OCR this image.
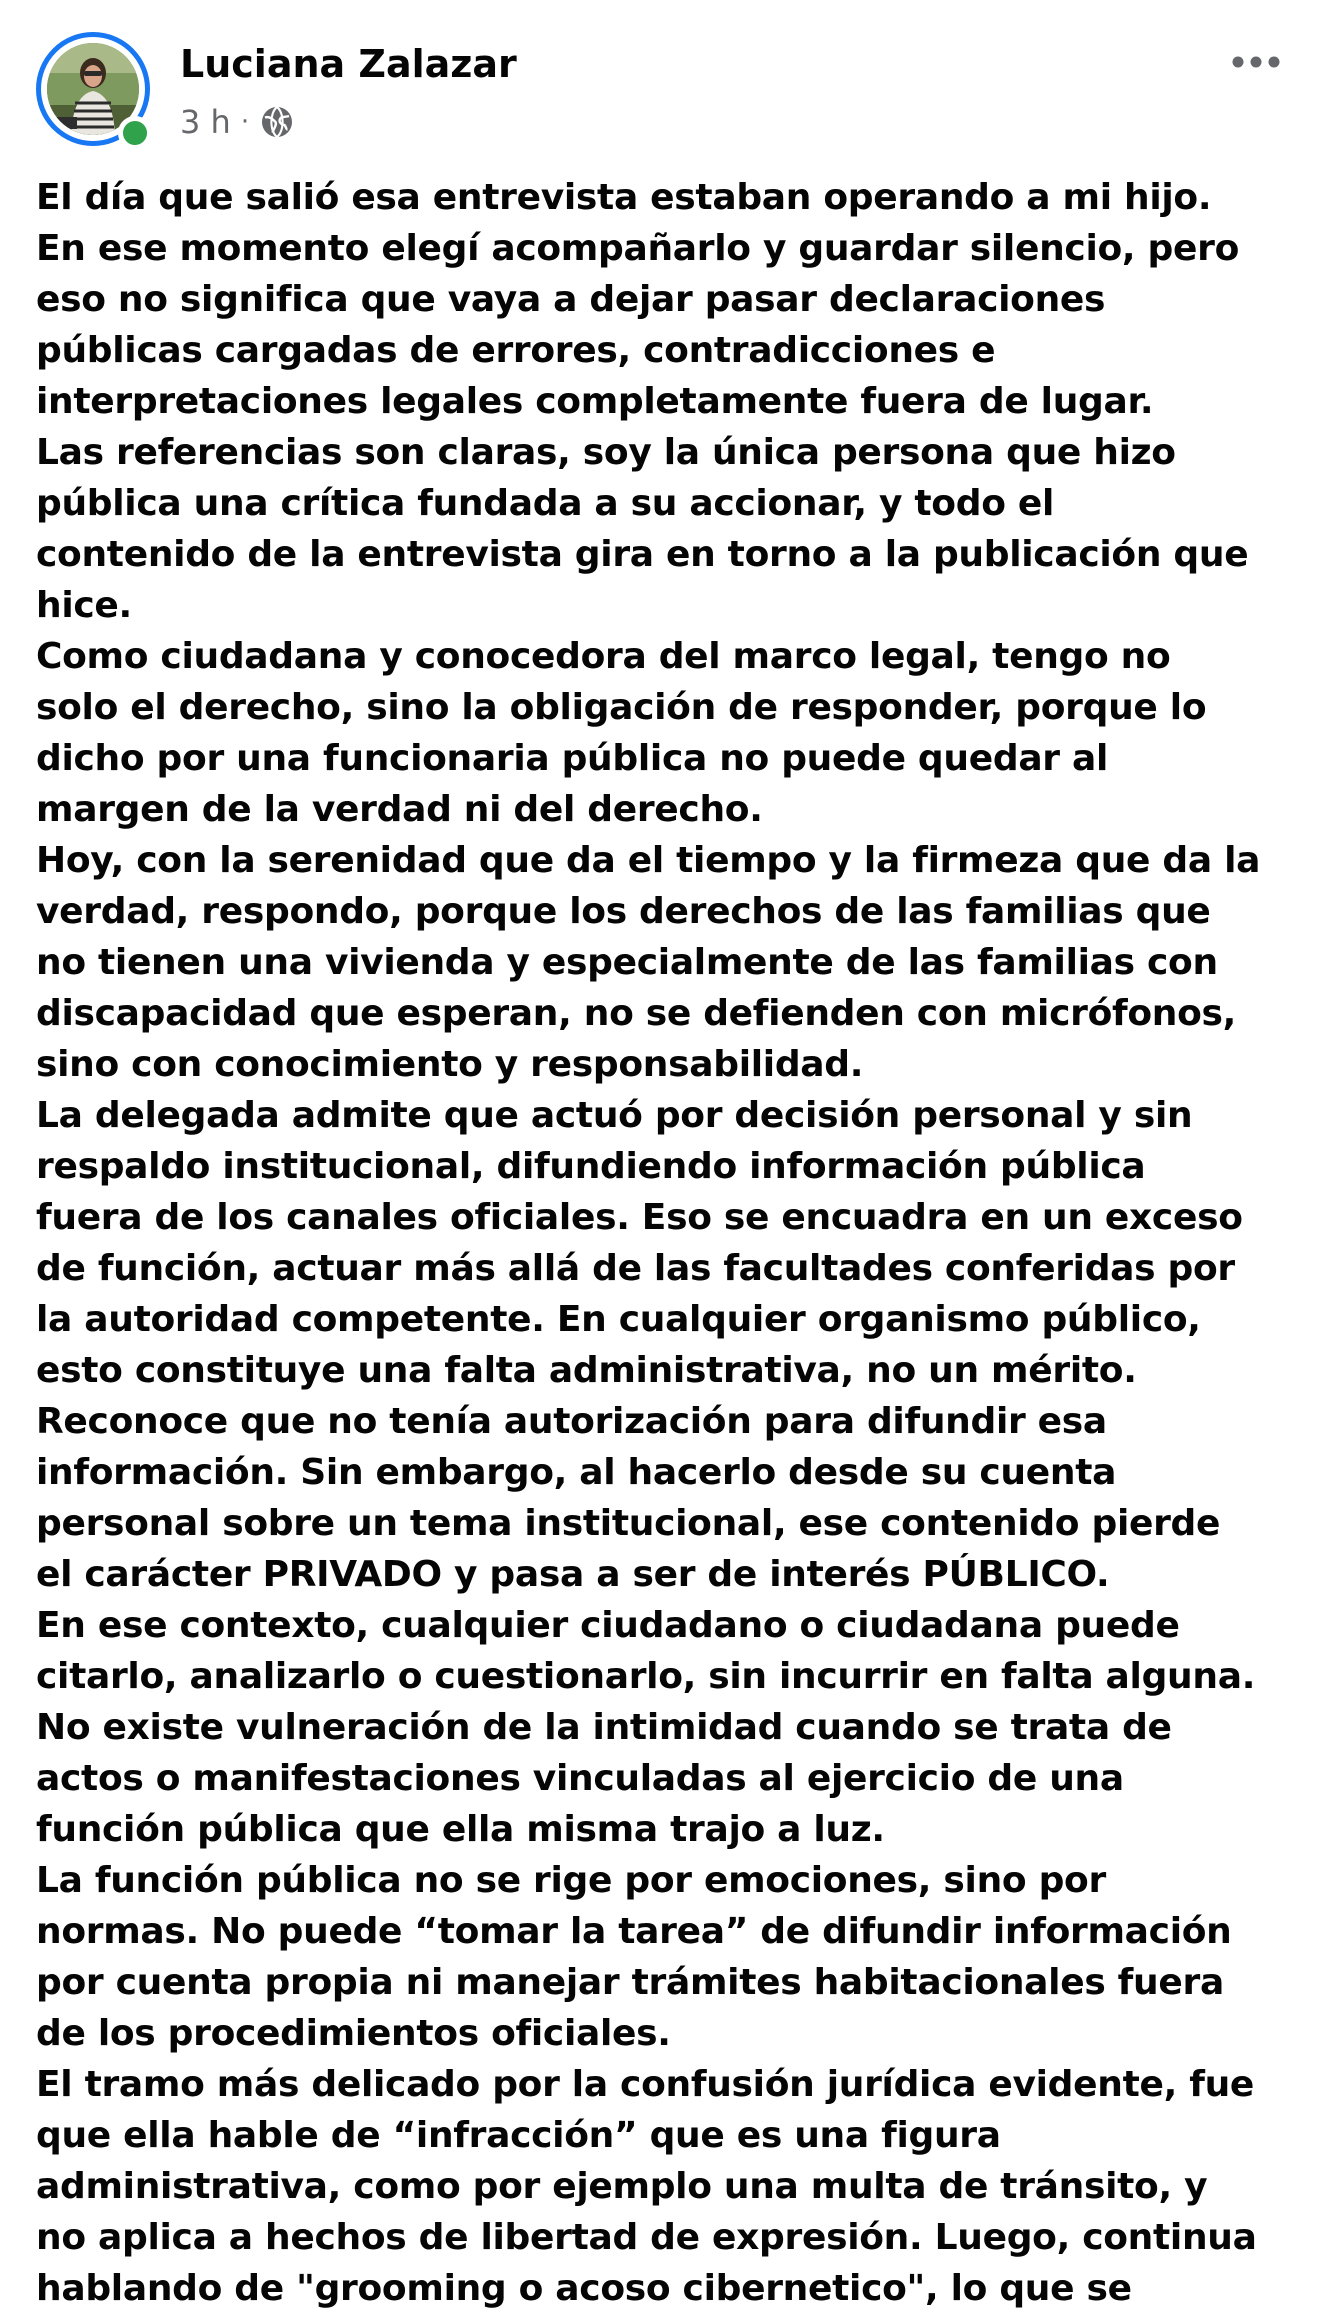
Luciana Zalazar
3 h ·
El día que salió esa entrevista estaban operando a mi hijo.
En ese momento elegí acompañarlo y guardar silencio, pero
eso no significa que vaya a dejar pasar declaraciones
públicas cargadas de errores, contradicciones e
interpretaciones legales completamente fuera de lugar.
Las referencias son claras, soy la única persona que hizo
pública una crítica fundada a su accionar, y todo el
contenido de la entrevista gira en torno a la publicación que
hice.
Como ciudadana y conocedora del marco legal, tengo no
solo el derecho, sino la obligación de responder, porque lo
dicho por una funcionaria pública no puede quedar al
margen de la verdad ni del derecho.
Hoy, con la serenidad que da el tiempo y la firmeza que da la
verdad, respondo, porque los derechos de las familias que
no tienen una vivienda y especialmente de las familias con
discapacidad que esperan, no se defienden con micrófonos,
sino con conocimiento y responsabilidad.
La delegada admite que actuó por decisión personal y sin
respaldo institucional, difundiendo información pública
fuera de los canales oficiales. Eso se encuadra en un exceso
de función, actuar más allá de las facultades conferidas por
la autoridad competente. En cualquier organismo público,
esto constituye una falta administrativa, no un mérito.
Reconoce que no tenía autorización para difundir esa
información. Sin embargo, al hacerlo desde su cuenta
personal sobre un tema institucional, ese contenido pierde
el carácter PRIVADO y pasa a ser de interés PÚBLICO.
En ese contexto, cualquier ciudadano o ciudadana puede
citarlo, analizarlo o cuestionarlo, sin incurrir en falta alguna.
No existe vulneración de la intimidad cuando se trata de
actos o manifestaciones vinculadas al ejercicio de una
función pública que ella misma trajo a luz.
La función pública no se rige por emociones, sino por
normas. No puede “tomar la tarea” de difundir información
por cuenta propia ni manejar trámites habitacionales fuera
de los procedimientos oficiales.
El tramo más delicado por la confusión jurídica evidente, fue
que ella hable de “infracción” que es una figura
administrativa, como por ejemplo una multa de tránsito, y
no aplica a hechos de libertad de expresión. Luego, continua
hablando de "grooming o acoso cibernetico", lo que se
